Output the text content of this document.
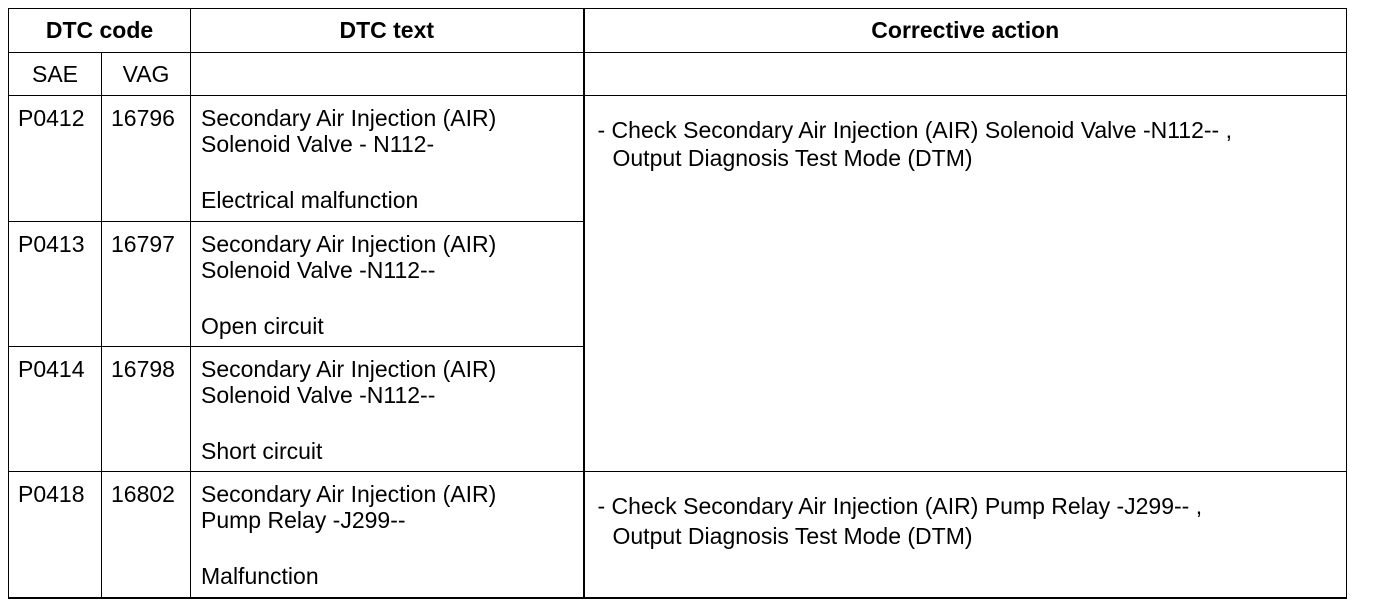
DTC code		DTC text	Corrective action
SAE	VAG		
P0412	16796	Secondary Air Injection (AIR)
Solenoid Valve - N112-
Electrical malfunction	- Check Secondary Air Injection (AIR) Solenoid Valve -N112-- ,
Output Diagnosis Test Mode (DTM)

P0413	16797	Secondary Air Injection (AIR)
Solenoid Valve -N112--
Open circuit	

P0414	16798	Secondary Air Injection (AIR)
Solenoid Valve -N112--
Short circuit	

P0418	16802	Secondary Air Injection (AIR)
Pump Relay -J299--
Malfunction	- Check Secondary Air Injection (AIR) Pump Relay -J299-- ,
Output Diagnosis Test Mode (DTM)
